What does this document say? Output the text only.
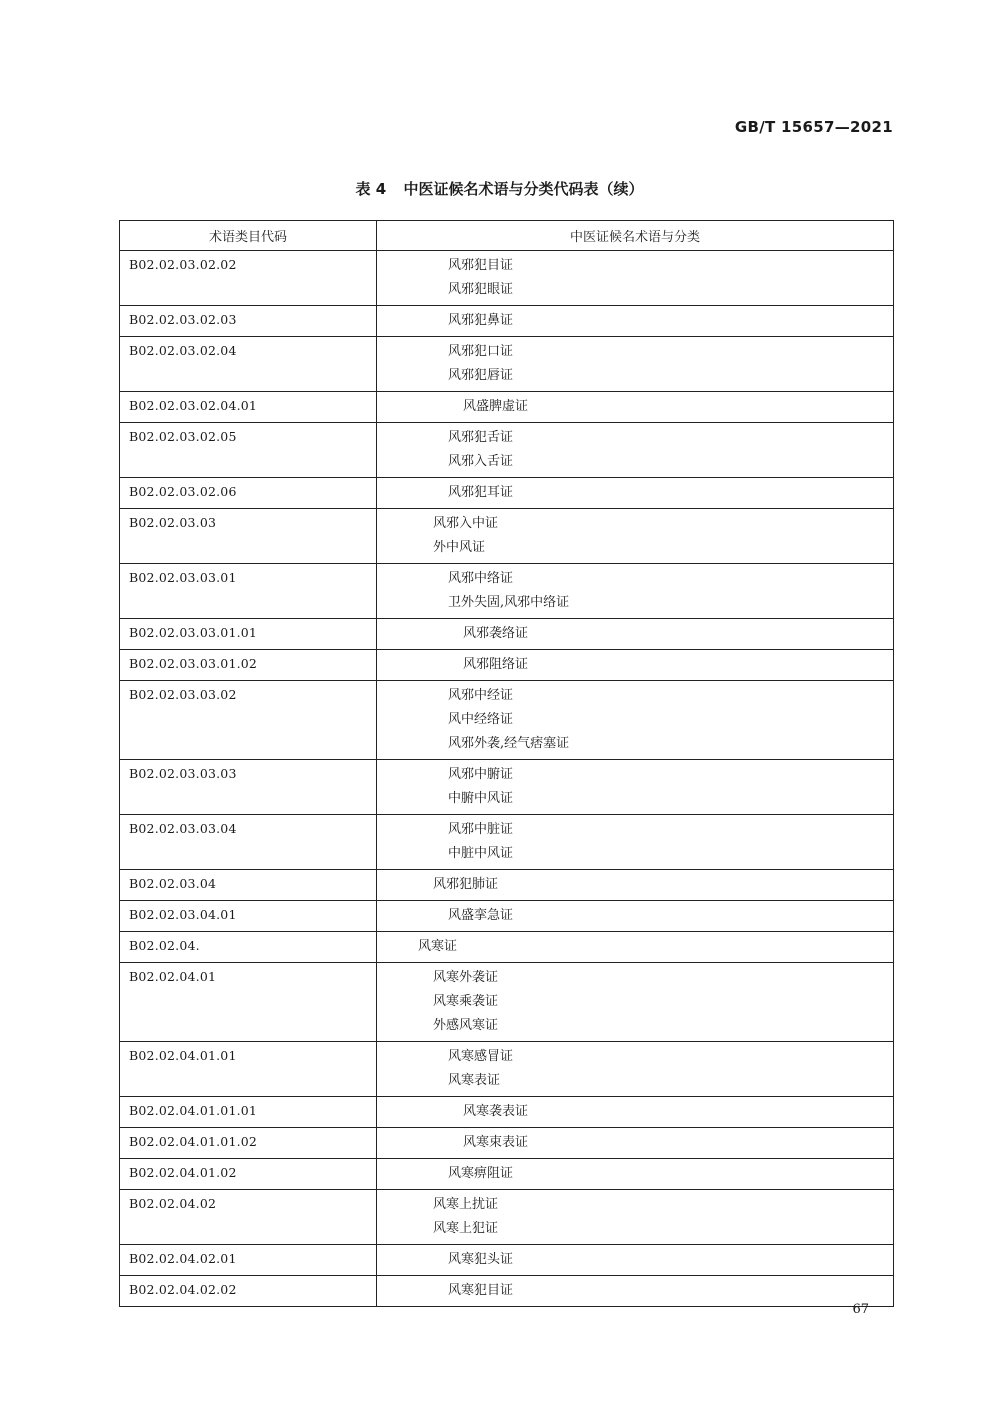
GB/T 15657—2021
表 4 中医证候名术语与分类代码表（续）
术语类目代码	中医证候名术语与分类
B02.02.03.02.02	风邪犯目证
风邪犯眼证

B02.02.03.02.03	风邪犯鼻证

B02.02.03.02.04	风邪犯口证
风邪犯唇证

B02.02.03.02.04.01	风盛脾虚证

B02.02.03.02.05	风邪犯舌证
风邪入舌证

B02.02.03.02.06	风邪犯耳证

B02.02.03.03	风邪入中证
外中风证

B02.02.03.03.01	风邪中络证
卫外失固,风邪中络证

B02.02.03.03.01.01	风邪袭络证

B02.02.03.03.01.02	风邪阻络证

B02.02.03.03.02	风邪中经证
风中经络证
风邪外袭,经气痞塞证

B02.02.03.03.03	风邪中腑证
中腑中风证

B02.02.03.03.04	风邪中脏证
中脏中风证

B02.02.03.04	风邪犯肺证

B02.02.03.04.01	风盛挛急证

B02.02.04.	风寒证

B02.02.04.01	风寒外袭证
风寒乘袭证
外感风寒证

B02.02.04.01.01	风寒感冒证
风寒表证

B02.02.04.01.01.01	风寒袭表证

B02.02.04.01.01.02	风寒束表证

B02.02.04.01.02	风寒痹阻证

B02.02.04.02	风寒上扰证
风寒上犯证

B02.02.04.02.01	风寒犯头证

B02.02.04.02.02	风寒犯目证
67
